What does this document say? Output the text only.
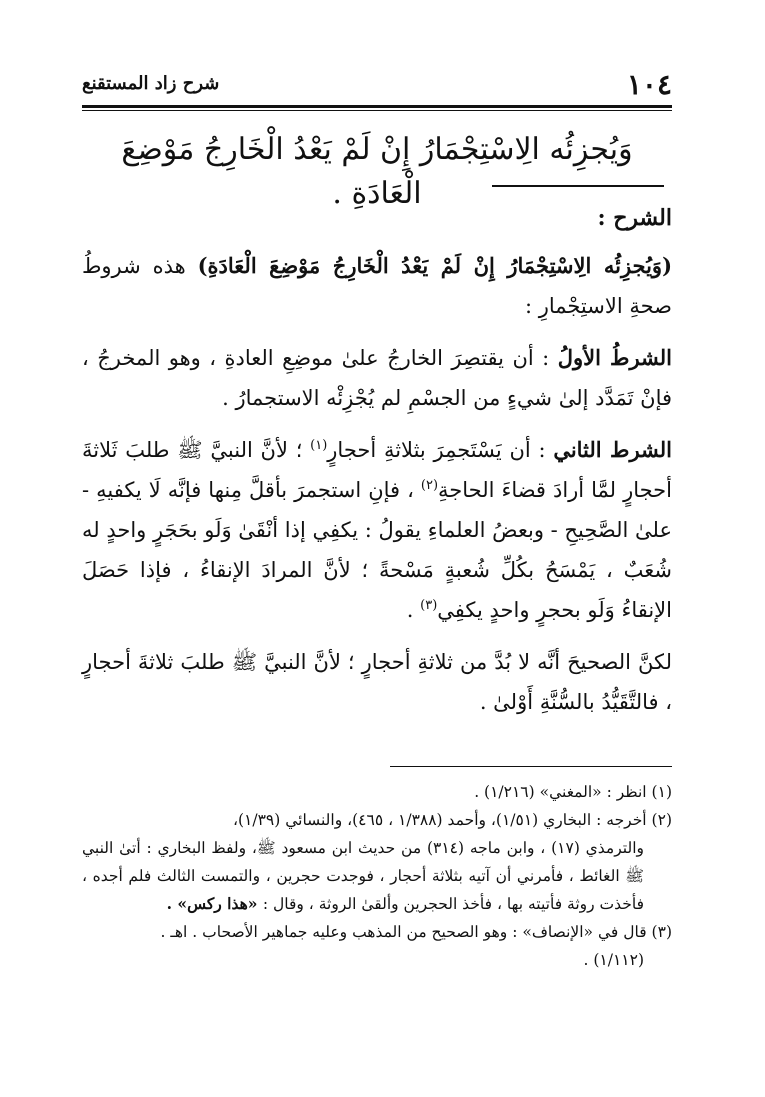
١٠٤
شرح زاد المستقنع
وَيُجزِئُه الِاسْتِجْمَارُ إِنْ لَمْ يَعْدُ الْخَارِجُ مَوْضِعَ الْعَادَةِ .

الشرح :

(وَيُجزِئُه الِاسْتِجْمَارُ إِنْ لَمْ يَعْدُ الْخَارِجُ مَوْضِعَ الْعَادَةِ) هذه شروطُ صحةِ الاستِجْمارِ :

الشرطُ الأولُ : أن يقتصِرَ الخارجُ علىٰ موضِعِ العادةِ ، وهو المخرجُ ، فإنْ تَمَدَّد إلىٰ شيءٍ من الجسْمِ لم يُجْزِئْه الاستجمارُ .

الشرط الثاني : أن يَسْتَجمِرَ بثلاثةِ أحجارٍ$^{(١)}$ ؛ لأنَّ النبيَّ ﷺ طلبَ ثَلاثةَ أحجارٍ لمَّا أرادَ قضاءَ الحاجةِ$^{(٢)}$ ، فإنِ استجمرَ بأقلَّ مِنها فإنَّه لَا يكفيهِ - علىٰ الصَّحِيحِ - وبعضُ العلماءِ يقولُ : يكفِي إذا أنْقَىٰ وَلَو بحَجَرٍ واحدٍ له شُعَبٌ ، يَمْسَحُ بكُلِّ شُعبةٍ مَسْحةً ؛ لأنَّ المرادَ الإنقاءُ ، فإذا حَصَلَ الإنقاءُ وَلَو بحجرٍ واحدٍ يكفِي$^{(٣)}$ .

لكنَّ الصحيحَ أنَّه لا بُدَّ من ثلاثةِ أحجارٍ ؛ لأنَّ النبيَّ ﷺ طلبَ ثلاثةَ أحجارٍ ، فالتَّقَيُّدُ بالسُّنَّةِ أَوْلىٰ .

(١) انظر : «المغني» (١/٢١٦) .

(٢) أخرجه : البخاري (١/٥١)، وأحمد (١/٣٨٨ ، ٤٦٥)، والنسائي (١/٣٩)،

والترمذي (١٧) ، وابن ماجه (٣١٤) من حديث ابن مسعود ﷺ، ولفظ البخاري : أتىٰ النبي ﷺ الغائط ، فأمرني أن آتيه بثلاثة أحجار ، فوجدت حجرين ، والتمست الثالث فلم أجده ، فأخذت روثة فأتيته بها ، فأخذ الحجرين وألقىٰ الروثة ، وقال : «هذا ركس» .

(٣) قال في «الإنصاف» : وهو الصحيح من المذهب وعليه جماهير الأصحاب . اهـ .

(١/١١٢) .
